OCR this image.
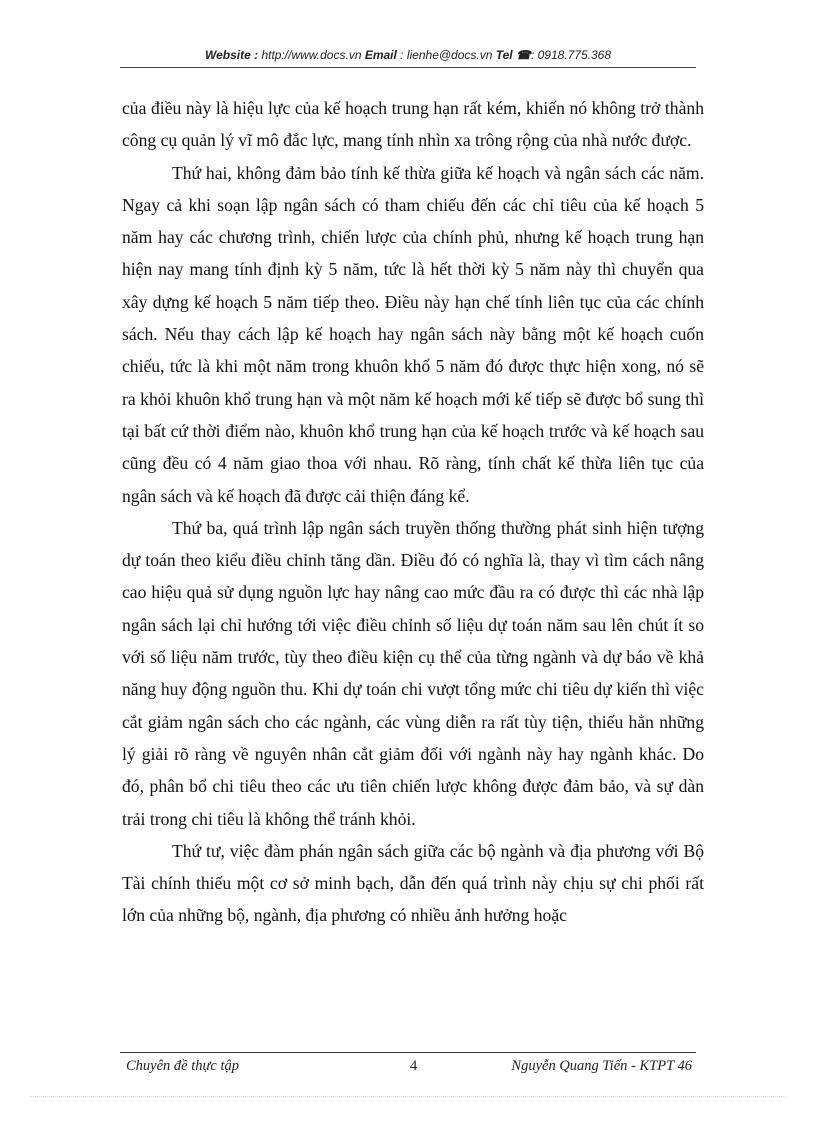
Website : http://www.docs.vn Email : lienhe@docs.vn Tel ☎: 0918.775.368

của điều này là hiệu lực của kế hoạch trung hạn rất kém, khiến nó không trở thành công cụ quản lý vĩ mô đắc lực, mang tính nhìn xa trông rộng của nhà nước được.

Thứ hai, không đảm bảo tính kế thừa giữa kế hoạch và ngân sách các năm. Ngay cả khi soạn lập ngân sách có tham chiếu đến các chỉ tiêu của kế hoạch 5 năm hay các chương trình, chiến lược của chính phủ, nhưng kế hoạch trung hạn hiện nay mang tính định kỳ 5 năm, tức là hết thời kỳ 5 năm này thì chuyển qua xây dựng kế hoạch 5 năm tiếp theo. Điều này hạn chế tính liên tục của các chính sách. Nếu thay cách lập kế hoạch hay ngân sách này bằng một kế hoạch cuốn chiếu, tức là khi một năm trong khuôn khổ 5 năm đó được thực hiện xong, nó sẽ ra khỏi khuôn khổ trung hạn và một năm kế hoạch mới kế tiếp sẽ được bổ sung thì tại bất cứ thời điểm nào, khuôn khổ trung hạn của kế hoạch trước và kế hoạch sau cũng đều có 4 năm giao thoa với nhau. Rõ ràng, tính chất kế thừa liên tục của ngân sách và kế hoạch đã được cải thiện đáng kể.

Thứ ba, quá trình lập ngân sách truyền thống thường phát sinh hiện tượng dự toán theo kiểu điều chỉnh tăng dần. Điều đó có nghĩa là, thay vì tìm cách nâng cao hiệu quả sử dụng nguồn lực hay nâng cao mức đầu ra có được thì các nhà lập ngân sách lại chỉ hướng tới việc điều chỉnh số liệu dự toán năm sau lên chút ít so với số liệu năm trước, tùy theo điều kiện cụ thể của từng ngành và dự báo về khả năng huy động nguồn thu. Khi dự toán chi vượt tổng mức chi tiêu dự kiến thì việc cắt giảm ngân sách cho các ngành, các vùng diễn ra rất tùy tiện, thiếu hẳn những lý giải rõ ràng về nguyên nhân cắt giảm đối với ngành này hay ngành khác. Do đó, phân bổ chi tiêu theo các ưu tiên chiến lược không được đảm bảo, và sự dàn trải trong chi tiêu là không thể tránh khỏi.

Thứ tư, việc đàm phán ngân sách giữa các bộ ngành và địa phương với Bộ Tài chính thiếu một cơ sở minh bạch, dẫn đến quá trình này chịu sự chi phối rất lớn của những bộ, ngành, địa phương có nhiều ảnh hưởng hoặc

Chuyên đề thực tập	4	Nguyễn Quang Tiến - KTPT 46
